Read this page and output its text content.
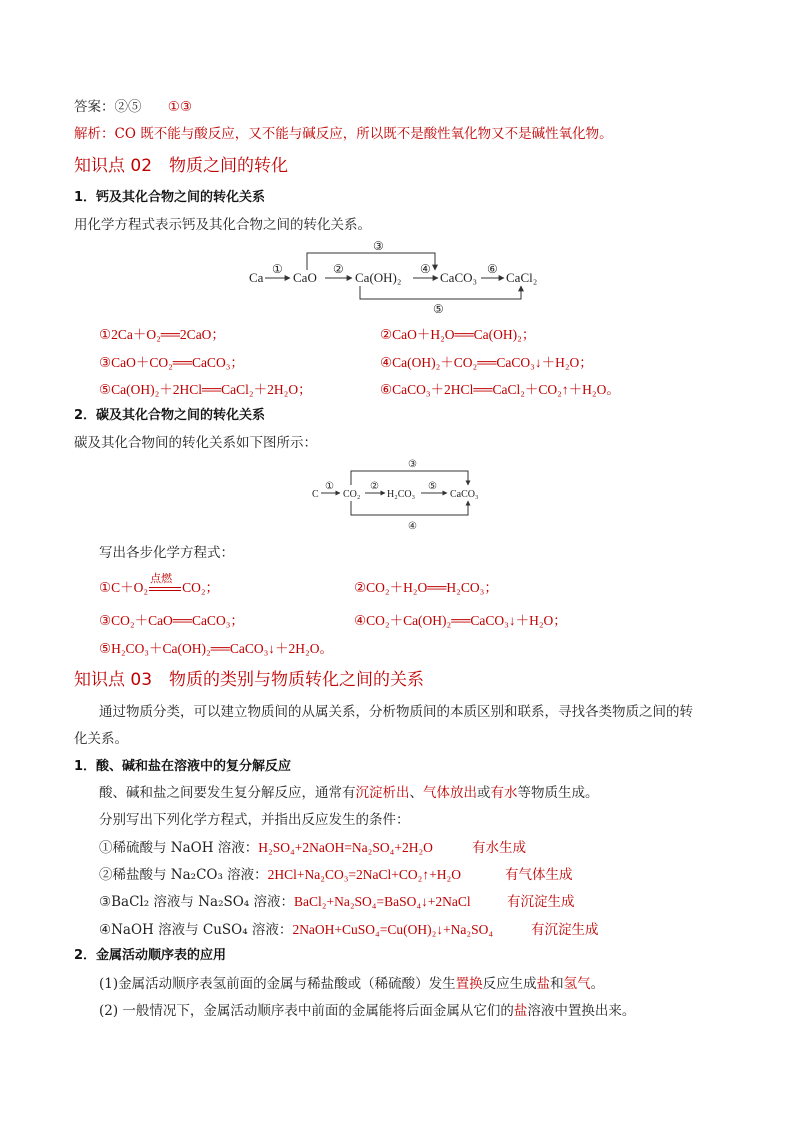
答案：②⑤ ①③
解析：CO 既不能与酸反应，又不能与碱反应，所以既不是酸性氧化物又不是碱性氧化物。
知识点 02　物质之间的转化
1．钙及其化合物之间的转化关系
用化学方程式表示钙及其化合物之间的转化关系。
Ca CaO	Ca(OH)₂	CaCO₃ CaCl₂
①	②	④	⑥
③
⑤
①2Ca＋O₂══2CaO；	②CaO＋H₂O══Ca(OH)₂；
③CaO＋CO₂══CaCO₃；	④Ca(OH)₂＋CO₂══CaCO₃↓＋H₂O；
⑤Ca(OH)₂＋2HCl══CaCl₂＋2H₂O；	⑥CaCO₃＋2HCl══CaCl₂＋CO₂↑＋H₂O。
2．碳及其化合物之间的转化关系
碳及其化合物间的转化关系如下图所示：
C CO₂	H₂CO₃	CaCO₃
①	②	⑤
③
④
写出各步化学方程式：
①C＋O₂
点燃
CO₂；	②CO₂＋H₂O══H₂CO₃；
③CO₂＋CaO══CaCO₃；	④CO₂＋Ca(OH)₂══CaCO₃↓＋H₂O；
⑤H₂CO₃＋Ca(OH)₂══CaCO₃↓＋2H₂O。
知识点 03　物质的类别与物质转化之间的关系
通过物质分类，可以建立物质间的从属关系，分析物质间的本质区别和联系，寻找各类物质之间的转
化关系。
1．酸、碱和盐在溶液中的复分解反应
酸、碱和盐之间要发生复分解反应，通常有沉淀析出、气体放出或有水等物质生成。
分别写出下列化学方程式，并指出反应发生的条件：
①稀硫酸与 NaOH 溶液：H₂SO₄+2NaOH=Na₂SO₄+2H₂O	有水生成
②稀盐酸与 Na₂CO₃ 溶液：2HCl+Na₂CO₃=2NaCl+CO₂↑+H₂O	有气体生成
③BaCl₂ 溶液与 Na₂SO₄ 溶液：BaCl₂+Na₂SO₄=BaSO₄↓+2NaCl	有沉淀生成
④NaOH 溶液与 CuSO₄ 溶液：2NaOH+CuSO₄=Cu(OH)₂↓+Na₂SO₄	有沉淀生成
2．金属活动顺序表的应用
(1)金属活动顺序表氢前面的金属与稀盐酸或（稀硫酸）发生置换反应生成盐和氢气。
(2) 一般情况下，金属活动顺序表中前面的金属能将后面金属从它们的盐溶液中置换出来。
